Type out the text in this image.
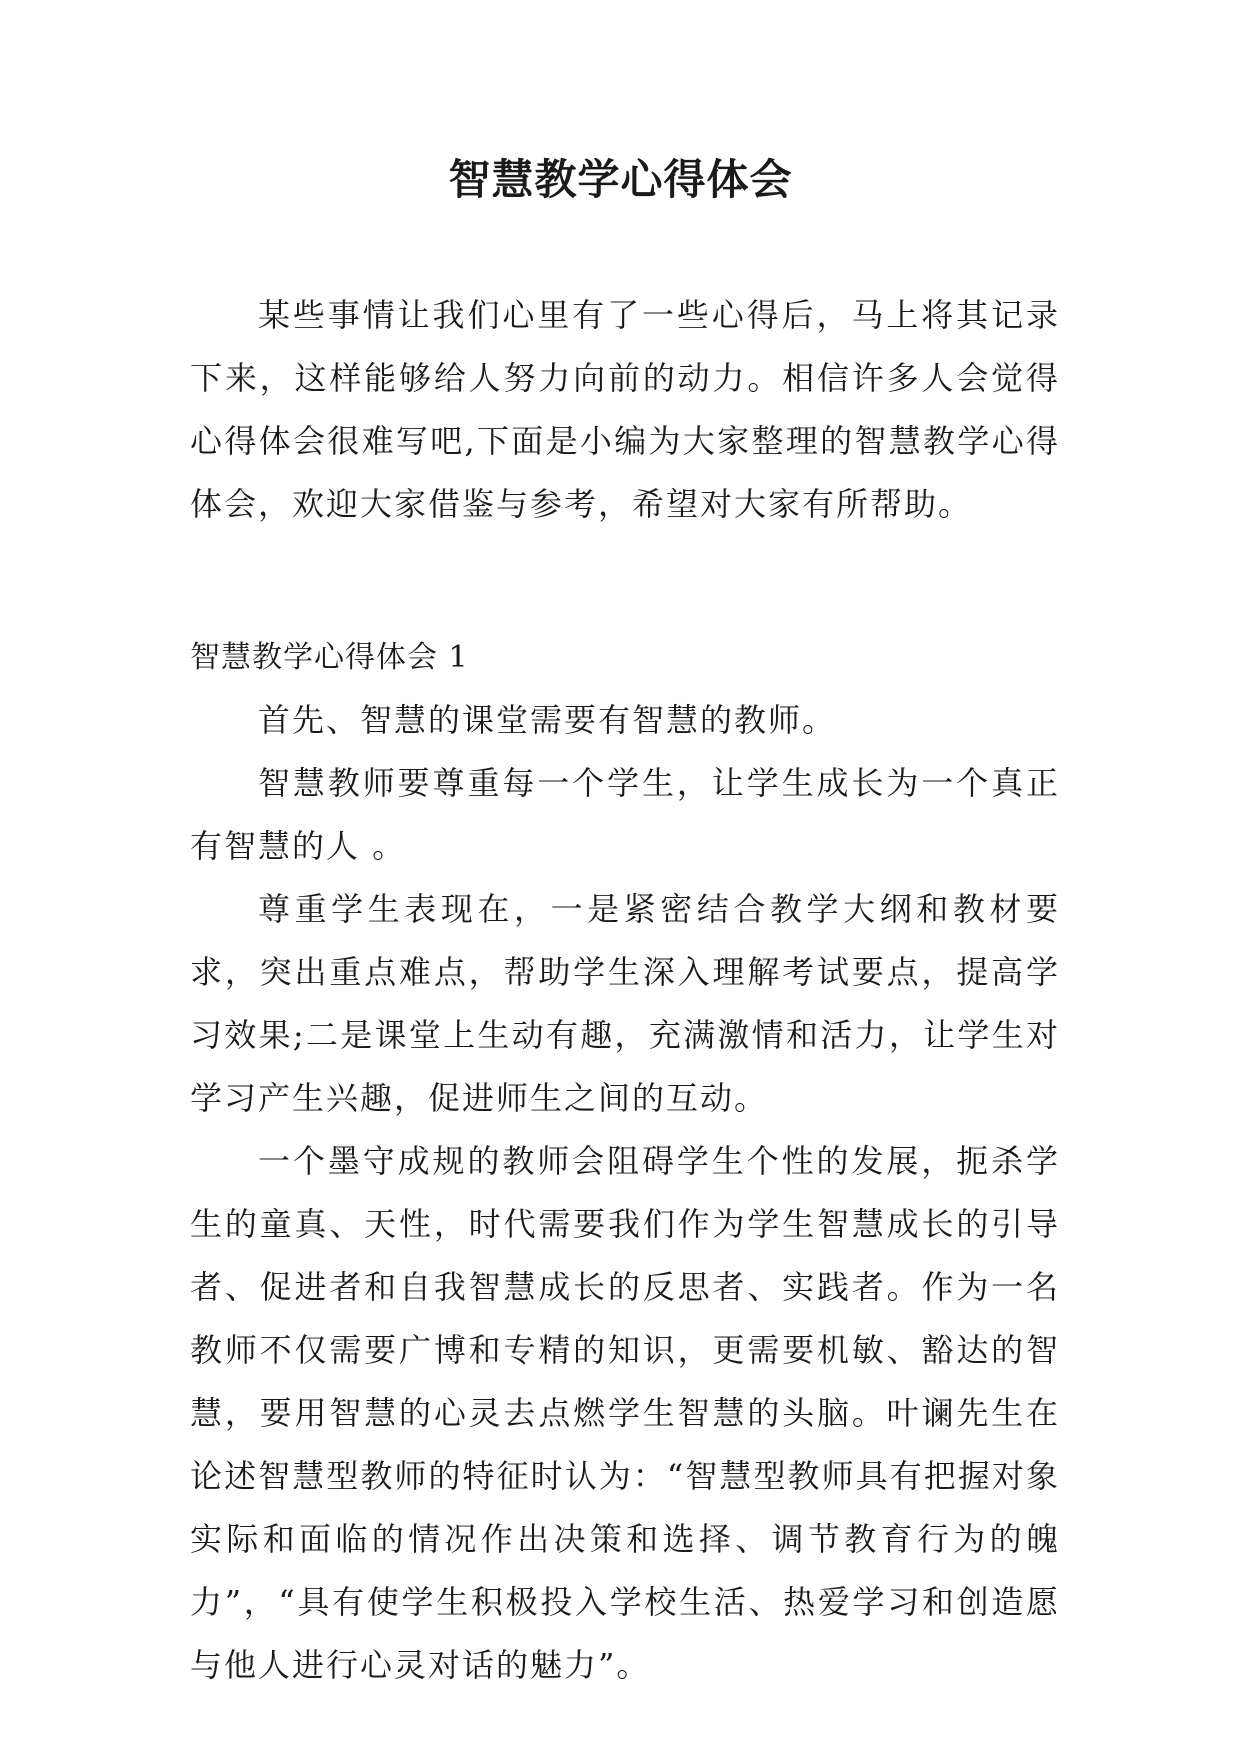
智慧教学心得体会

某些事情让我们心里有了一些心得后，马上将其记录下来，这样能够给人努力向前的动力。相信许多人会觉得心得体会很难写吧,下面是小编为大家整理的智慧教学心得体会，欢迎大家借鉴与参考，希望对大家有所帮助。

智慧教学心得体会 1

首先、智慧的课堂需要有智慧的教师。

智慧教师要尊重每一个学生，让学生成长为一个真正有智慧的人 。

尊重学生表现在，一是紧密结合教学大纲和教材要求，突出重点难点，帮助学生深入理解考试要点，提高学习效果;二是课堂上生动有趣，充满激情和活力，让学生对学习产生兴趣，促进师生之间的互动。

一个墨守成规的教师会阻碍学生个性的发展，扼杀学生的童真、天性，时代需要我们作为学生智慧成长的引导者、促进者和自我智慧成长的反思者、实践者。作为一名教师不仅需要广博和专精的知识，更需要机敏、豁达的智慧，要用智慧的心灵去点燃学生智慧的头脑。叶谰先生在论述智慧型教师的特征时认为：“智慧型教师具有把握对象实际和面临的情况作出决策和选择、调节教育行为的魄力”，“具有使学生积极投入学校生活、热爱学习和创造愿与他人进行心灵对话的魅力”。
